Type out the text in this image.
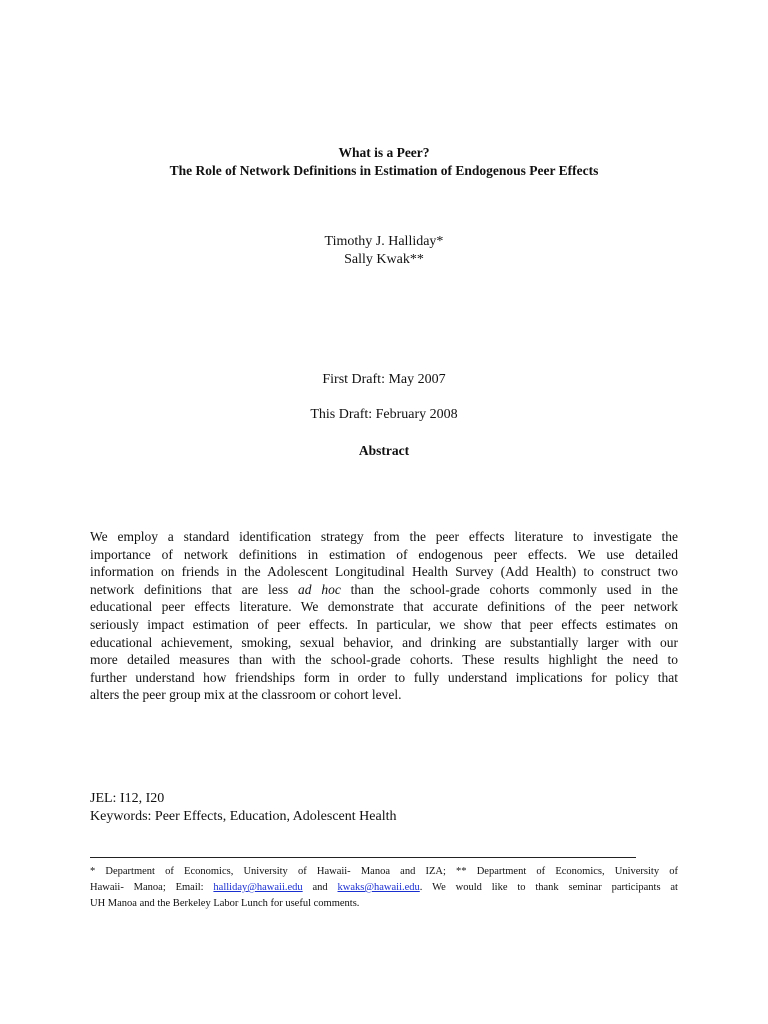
What is a Peer?
The Role of Network Definitions in Estimation of Endogenous Peer Effects
Timothy J. Halliday*
Sally Kwak**
First Draft: May 2007
This Draft: February 2008
Abstract
We employ a standard identification strategy from the peer effects literature to investigate the
importance of network definitions in estimation of endogenous peer effects. We use detailed
information on friends in the Adolescent Longitudinal Health Survey (Add Health) to construct two
network definitions that are less ad hoc than the school-grade cohorts commonly used in the
educational peer effects literature. We demonstrate that accurate definitions of the peer network
seriously impact estimation of peer effects. In particular, we show that peer effects estimates on
educational achievement, smoking, sexual behavior, and drinking are substantially larger with our
more detailed measures than with the school-grade cohorts. These results highlight the need to
further understand how friendships form in order to fully understand implications for policy that
alters the peer group mix at the classroom or cohort level.
JEL: I12, I20
Keywords: Peer Effects, Education, Adolescent Health
* Department of Economics, University of Hawaii- Manoa and IZA; ** Department of Economics, University of
Hawaii- Manoa; Email: halliday@hawaii.edu and kwaks@hawaii.edu. We would like to thank seminar participants at
UH Manoa and the Berkeley Labor Lunch for useful comments.
